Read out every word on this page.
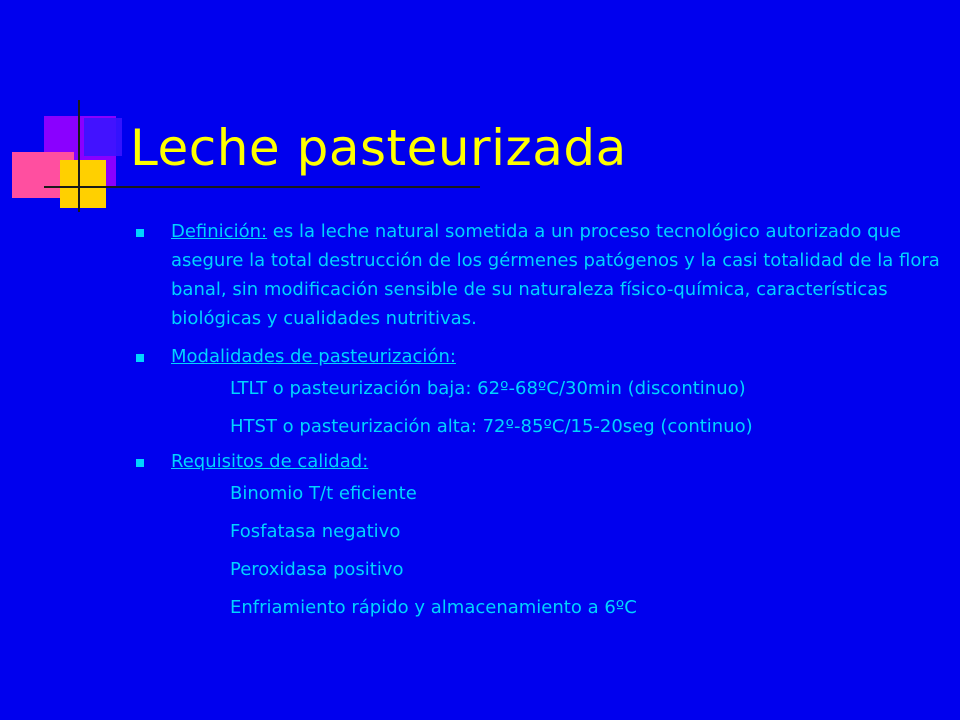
Leche pasteurizada
Definición: es la leche natural sometida a un proceso tecnológico autorizado que asegure la total destrucción de los gérmenes patógenos y la casi totalidad de la flora banal, sin modificación sensible de su naturaleza físico-química, características biológicas y cualidades nutritivas.
Modalidades de pasteurización:
LTLT o pasteurización baja: 62º-68ºC/30min (discontinuo)
HTST o pasteurización alta: 72º-85ºC/15-20seg (continuo)
Requisitos de calidad:
Binomio T/t eficiente
Fosfatasa negativo
Peroxidasa positivo
Enfriamiento rápido y almacenamiento a 6ºC
